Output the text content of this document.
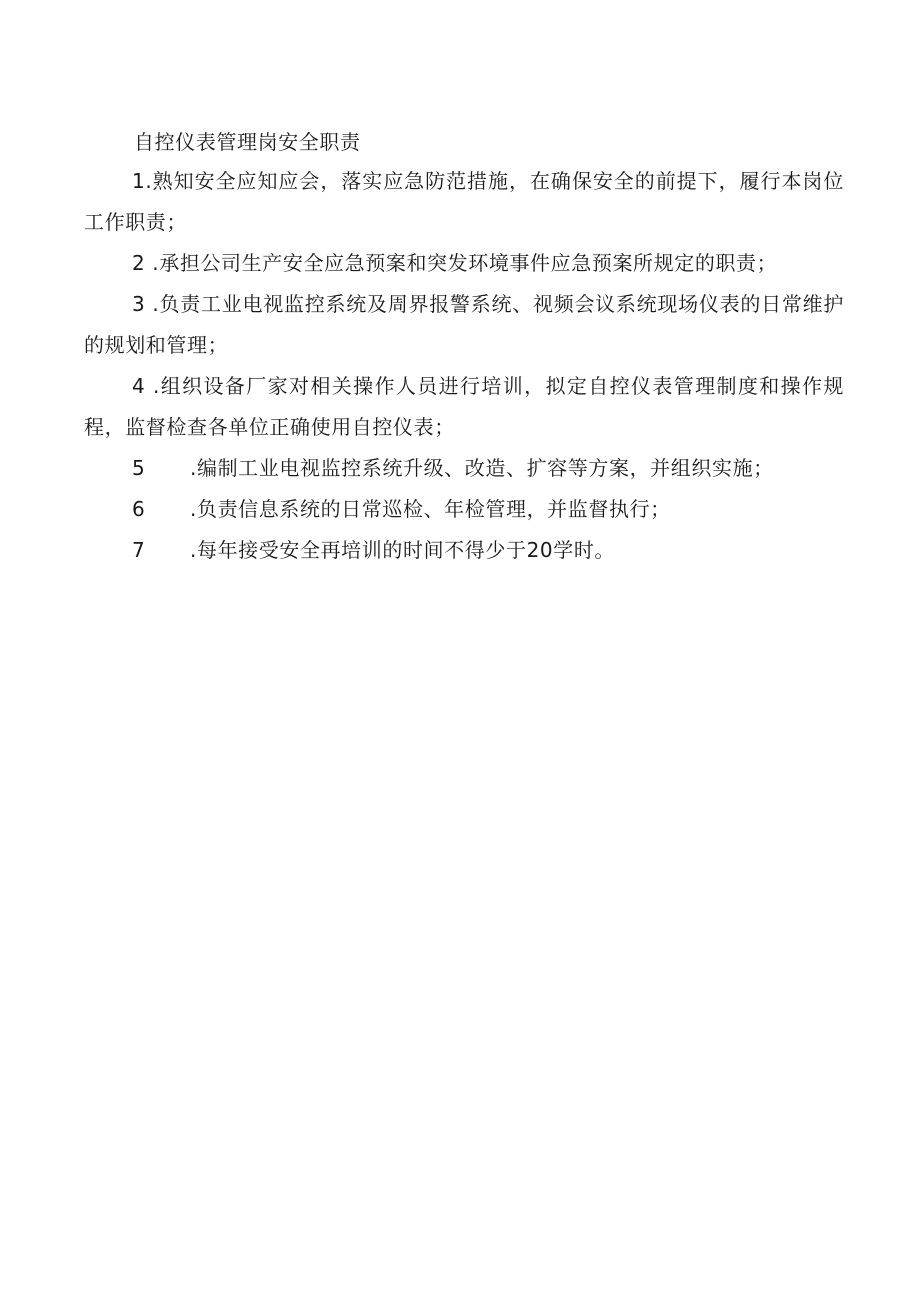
自控仪表管理岗安全职责

1.熟知安全应知应会，落实应急防范措施，在确保安全的前提下，履行本岗位工作职责；

2 .承担公司生产安全应急预案和突发环境事件应急预案所规定的职责；

3 .负责工业电视监控系统及周界报警系统、视频会议系统现场仪表的日常维护的规划和管理；

4 .组织设备厂家对相关操作人员进行培训，拟定自控仪表管理制度和操作规程，监督检查各单位正确使用自控仪表；

5 .编制工业电视监控系统升级、改造、扩容等方案，并组织实施；

6 .负责信息系统的日常巡检、年检管理，并监督执行；

7 .每年接受安全再培训的时间不得少于20学时。
